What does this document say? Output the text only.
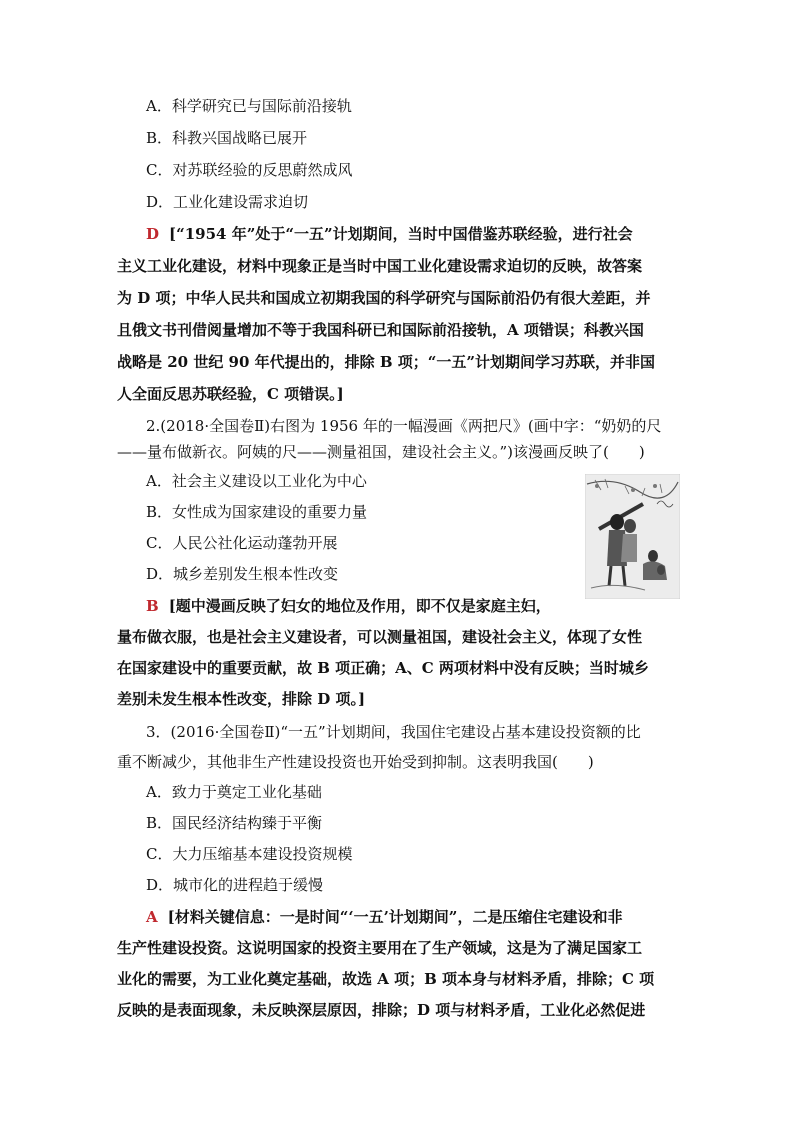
A．科学研究已与国际前沿接轨
B．科教兴国战略已展开
C．对苏联经验的反思蔚然成风
D．工业化建设需求迫切
D [“1954 年”处于“一五”计划期间，当时中国借鉴苏联经验，进行社会
主义工业化建设，材料中现象正是当时中国工业化建设需求迫切的反映，故答案
为 D 项；中华人民共和国成立初期我国的科学研究与国际前沿仍有很大差距，并
且俄文书刊借阅量增加不等于我国科研已和国际前沿接轨，A 项错误；科教兴国
战略是 20 世纪 90 年代提出的，排除 B 项；“一五”计划期间学习苏联，并非国
人全面反思苏联经验，C 项错误。]
2.(2018·全国卷Ⅱ)右图为 1956 年的一幅漫画《两把尺》(画中字：“奶奶的尺
——量布做新衣。阿姨的尺——测量祖国，建设社会主义。”)该漫画反映了(　　)
A．社会主义建设以工业化为中心
B．女性成为国家建设的重要力量
C．人民公社化运动蓬勃开展
D．城乡差别发生根本性改变
B [题中漫画反映了妇女的地位及作用，即不仅是家庭主妇，
量布做衣服，也是社会主义建设者，可以测量祖国，建设社会主义，体现了女性
在国家建设中的重要贡献，故 B 项正确；A、C 两项材料中没有反映；当时城乡
差别未发生根本性改变，排除 D 项。]
3．(2016·全国卷Ⅱ)“一五”计划期间，我国住宅建设占基本建设投资额的比
重不断减少，其他非生产性建设投资也开始受到抑制。这表明我国(　　)
A．致力于奠定工业化基础
B．国民经济结构臻于平衡
C．大力压缩基本建设投资规模
D．城市化的进程趋于缓慢
A [材料关键信息：一是时间“‘一五’计划期间”，二是压缩住宅建设和非
生产性建设投资。这说明国家的投资主要用在了生产领域，这是为了满足国家工
业化的需要，为工业化奠定基础，故选 A 项；B 项本身与材料矛盾，排除；C 项
反映的是表面现象，未反映深层原因，排除；D 项与材料矛盾，工业化必然促进
